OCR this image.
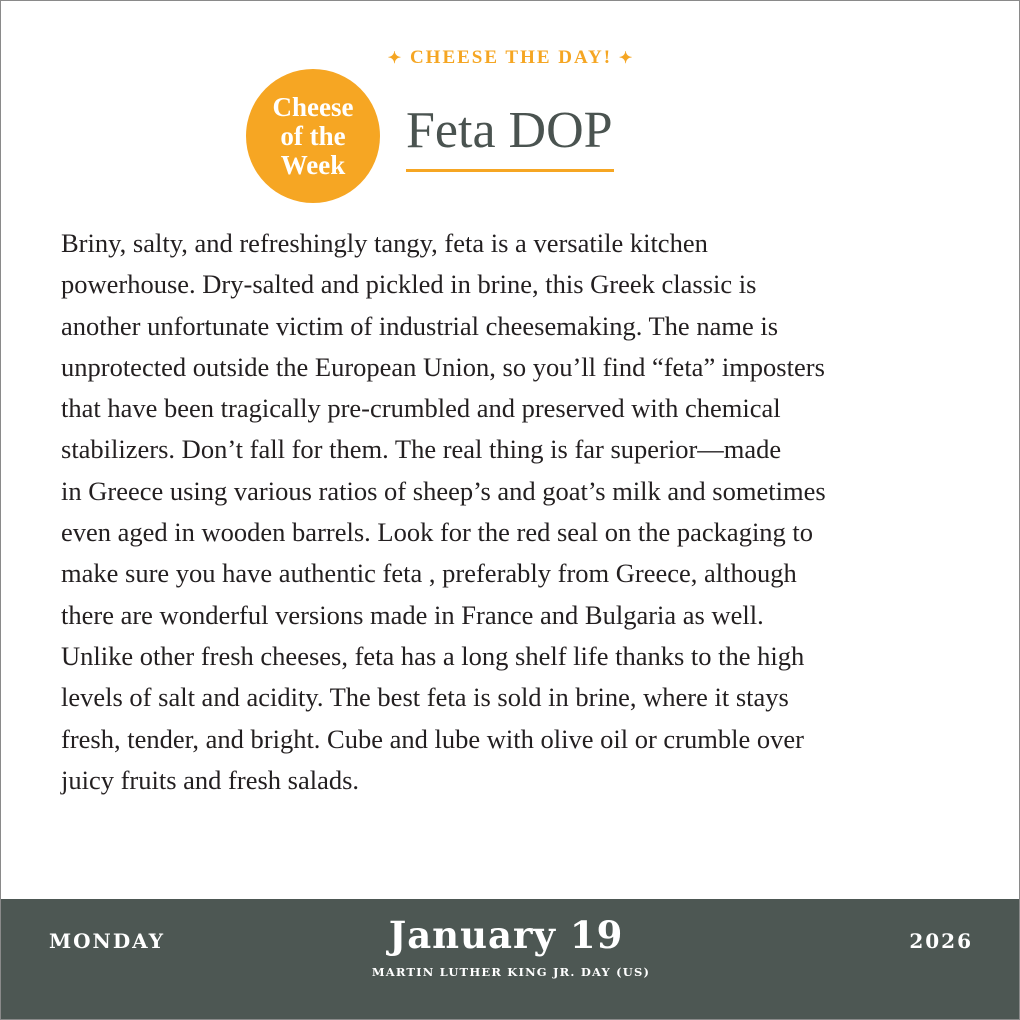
✦ CHEESE THE DAY! ✦
Cheese
of the
Week
Feta DOP

Briny, salty, and refreshingly tangy, feta is a versatile kitchen
powerhouse. Dry-salted and pickled in brine, this Greek classic is
another unfortunate victim of industrial cheesemaking. The name is
unprotected outside the European Union, so you’ll find “feta” imposters
that have been tragically pre-crumbled and preserved with chemical
stabilizers. Don’t fall for them. The real thing is far superior—made
in Greece using various ratios of sheep’s and goat’s milk and sometimes
even aged in wooden barrels. Look for the red seal on the packaging to
make sure you have authentic feta , preferably from Greece, although
there are wonderful versions made in France and Bulgaria as well.
Unlike other fresh cheeses, feta has a long shelf life thanks to the high
levels of salt and acidity. The best feta is sold in brine, where it stays
fresh, tender, and bright. Cube and lube with olive oil or crumble over
juicy fruits and fresh salads.

MONDAY	January 19
MARTIN LUTHER KING JR. DAY (US)
2026
